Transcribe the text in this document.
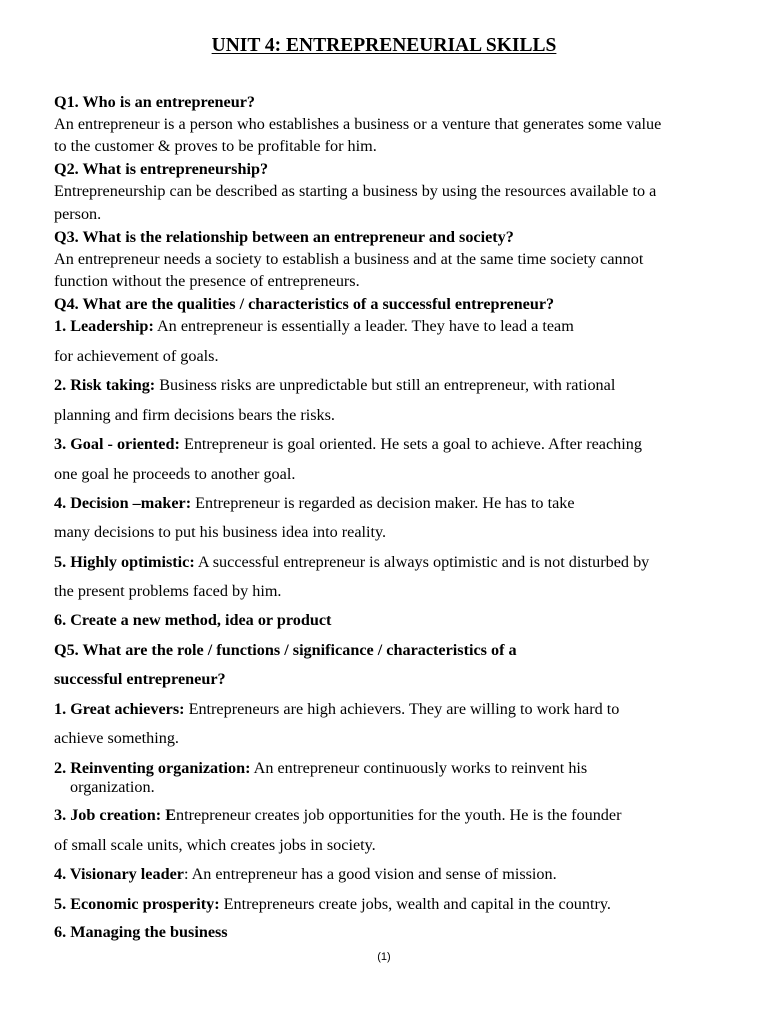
UNIT 4: ENTREPRENEURIAL SKILLS
Q1. Who is an entrepreneur?
An entrepreneur is a person who establishes a business or a venture that generates some value
to the customer & proves to be profitable for him.
Q2. What is entrepreneurship?
Entrepreneurship can be described as starting a business by using the resources available to a
person.
Q3. What is the relationship between an entrepreneur and society?
An entrepreneur needs a society to establish a business and at the same time society cannot
function without the presence of entrepreneurs.
Q4. What are the qualities / characteristics of a successful entrepreneur?
1. Leadership: An entrepreneur is essentially a leader. They have to lead a team
for achievement of goals.
2. Risk taking: Business risks are unpredictable but still an entrepreneur, with rational
planning and firm decisions bears the risks.
3. Goal - oriented: Entrepreneur is goal oriented. He sets a goal to achieve. After reaching
one goal he proceeds to another goal.
4. Decision –maker: Entrepreneur is regarded as decision maker. He has to take
many decisions to put his business idea into reality.
5. Highly optimistic: A successful entrepreneur is always optimistic and is not disturbed by
the present problems faced by him.
6. Create a new method, idea or product
Q5. What are the role / functions / significance / characteristics of a
successful entrepreneur?
1. Great achievers: Entrepreneurs are high achievers. They are willing to work hard to
achieve something.
2. Reinventing organization: An entrepreneur continuously works to reinvent his
organization.
3. Job creation: Entrepreneur creates job opportunities for the youth. He is the founder
of small scale units, which creates jobs in society.
4. Visionary leader: An entrepreneur has a good vision and sense of mission.
5. Economic prosperity: Entrepreneurs create jobs, wealth and capital in the country.
6. Managing the business
(1)
